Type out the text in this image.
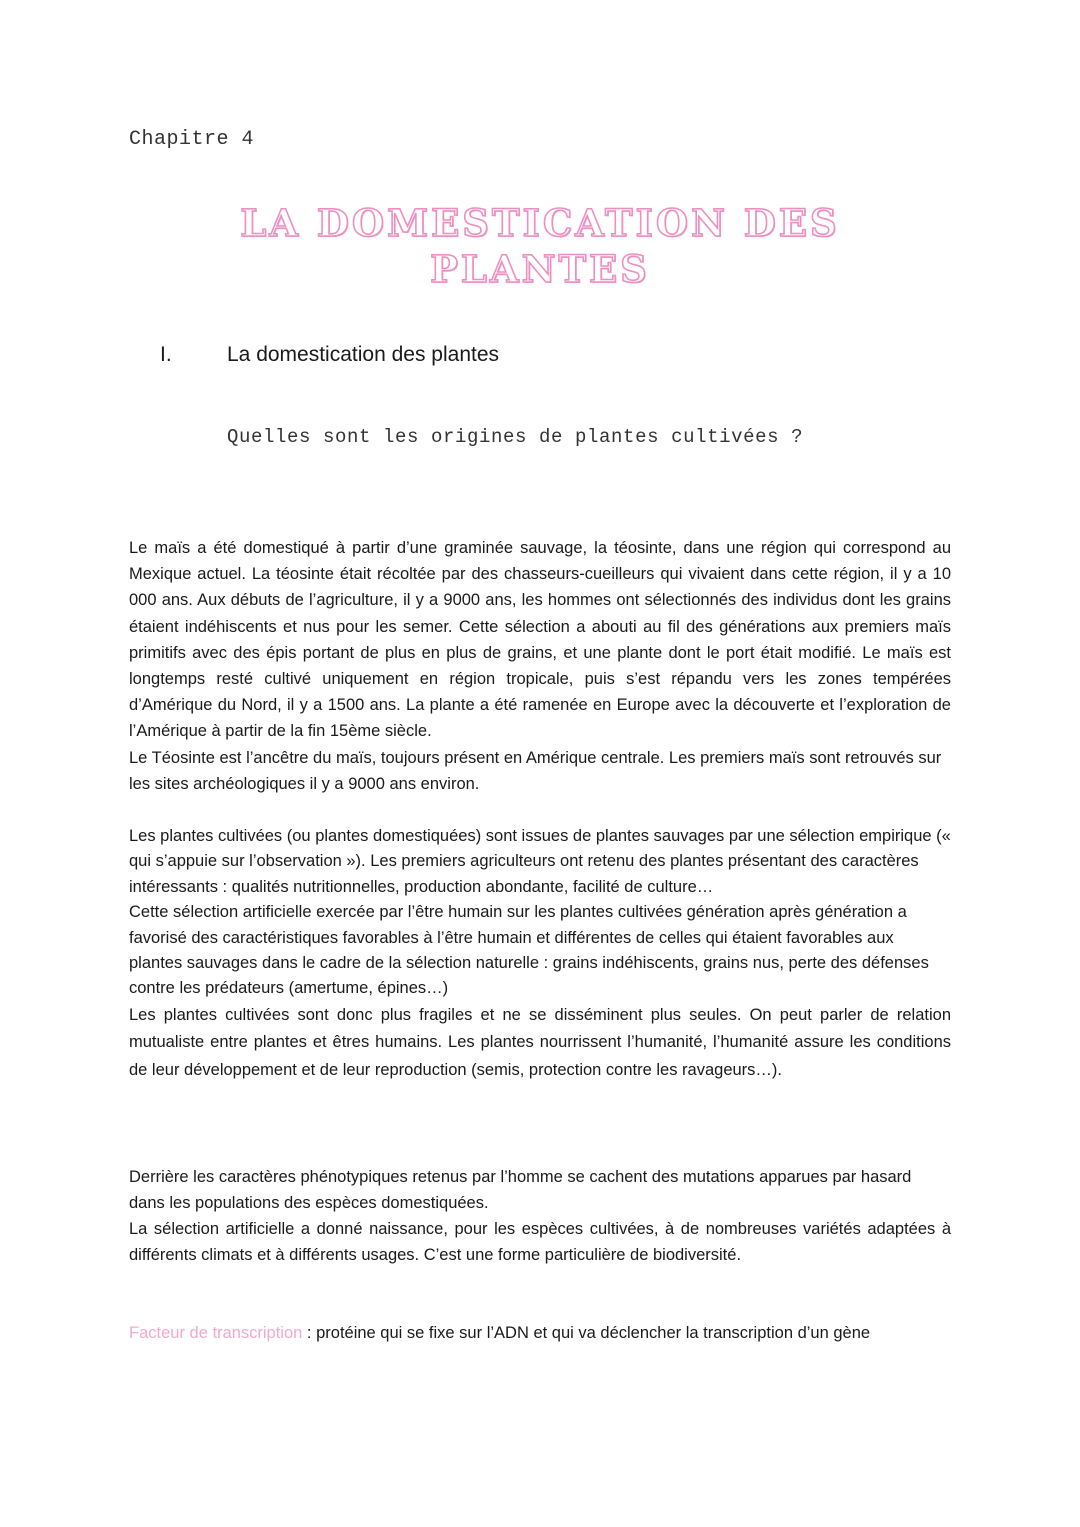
Chapitre 4
LA DOMESTICATION DES
PLANTES
I.	La domestication des plantes
Quelles sont les origines de plantes cultivées ?

Le maïs a été domestiqué à partir d’une graminée sauvage, la téosinte, dans une région qui correspond au Mexique actuel. La téosinte était récoltée par des chasseurs-cueilleurs qui vivaient dans cette région, il y a 10 000 ans. Aux débuts de l’agriculture, il y a 9000 ans, les hommes ont sélectionnés des individus dont les grains étaient indéhiscents et nus pour les semer. Cette sélection a abouti au fil des générations aux premiers maïs primitifs avec des épis portant de plus en plus de grains, et une plante dont le port était modifié. Le maïs est longtemps resté cultivé uniquement en région tropicale, puis s’est répandu vers les zones tempérées d’Amérique du Nord, il y a 1500 ans. La plante a été ramenée en Europe avec la découverte et l’exploration de l’Amérique à partir de la fin 15ème siècle.

Le Téosinte est l’ancêtre du maïs, toujours présent en Amérique centrale. Les premiers maïs sont retrouvés sur les sites archéologiques il y a 9000 ans environ.

Les plantes cultivées (ou plantes domestiquées) sont issues de plantes sauvages par une sélection empirique (« qui s’appuie sur l’observation »). Les premiers agriculteurs ont retenu des plantes présentant des caractères intéressants : qualités nutritionnelles, production abondante, facilité de culture…

Cette sélection artificielle exercée par l’être humain sur les plantes cultivées génération après génération a favorisé des caractéristiques favorables à l’être humain et différentes de celles qui étaient favorables aux plantes sauvages dans le cadre de la sélection naturelle : grains indéhiscents, grains nus, perte des défenses contre les prédateurs (amertume, épines…)

Les plantes cultivées sont donc plus fragiles et ne se disséminent plus seules. On peut parler de relation mutualiste entre plantes et êtres humains. Les plantes nourrissent l’humanité, l’humanité assure les conditions de leur développement et de leur reproduction (semis, protection contre les ravageurs…).

Derrière les caractères phénotypiques retenus par l’homme se cachent des mutations apparues par hasard dans les populations des espèces domestiquées.

La sélection artificielle a donné naissance, pour les espèces cultivées, à de nombreuses variétés adaptées à différents climats et à différents usages. C’est une forme particulière de biodiversité.

Facteur de transcription : protéine qui se fixe sur l’ADN et qui va déclencher la transcription d’un gène
